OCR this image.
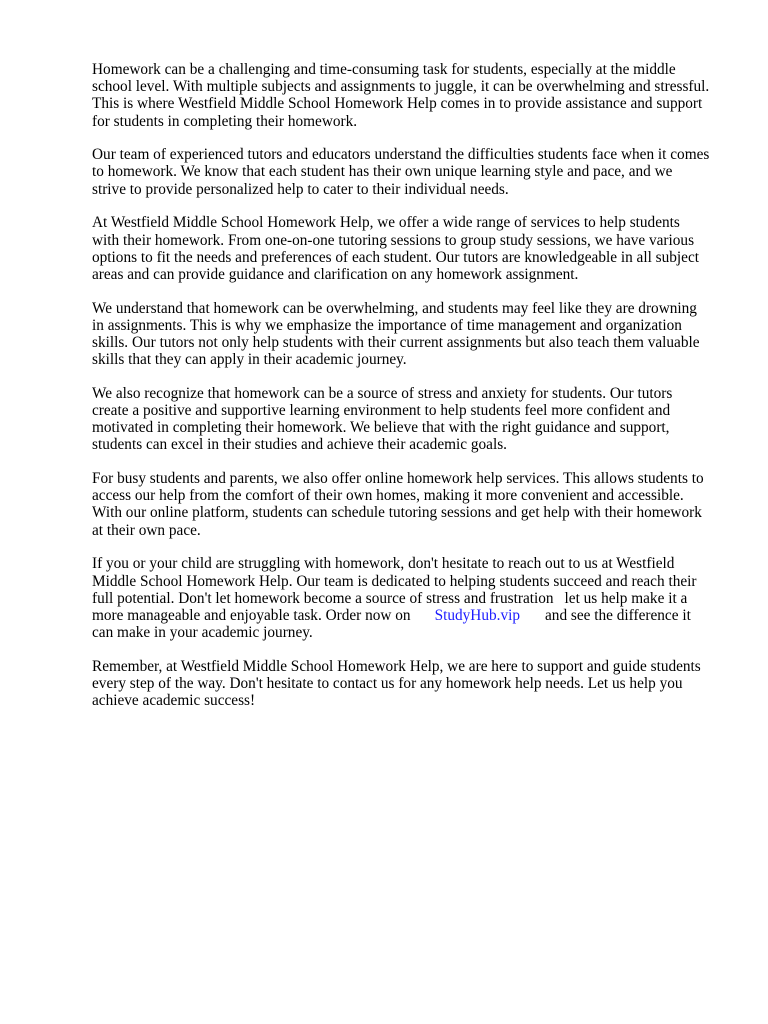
Homework can be a challenging and time-consuming task for students, especially at the middle
school level. With multiple subjects and assignments to juggle, it can be overwhelming and stressful.
This is where Westfield Middle School Homework Help comes in to provide assistance and support
for students in completing their homework.

Our team of experienced tutors and educators understand the difficulties students face when it comes
to homework. We know that each student has their own unique learning style and pace, and we
strive to provide personalized help to cater to their individual needs.

At Westfield Middle School Homework Help, we offer a wide range of services to help students
with their homework. From one-on-one tutoring sessions to group study sessions, we have various
options to fit the needs and preferences of each student. Our tutors are knowledgeable in all subject
areas and can provide guidance and clarification on any homework assignment.

We understand that homework can be overwhelming, and students may feel like they are drowning
in assignments. This is why we emphasize the importance of time management and organization
skills. Our tutors not only help students with their current assignments but also teach them valuable
skills that they can apply in their academic journey.

We also recognize that homework can be a source of stress and anxiety for students. Our tutors
create a positive and supportive learning environment to help students feel more confident and
motivated in completing their homework. We believe that with the right guidance and support,
students can excel in their studies and achieve their academic goals.

For busy students and parents, we also offer online homework help services. This allows students to
access our help from the comfort of their own homes, making it more convenient and accessible.
With our online platform, students can schedule tutoring sessions and get help with their homework
at their own pace.

If you or your child are struggling with homework, don't hesitate to reach out to us at Westfield
Middle School Homework Help. Our team is dedicated to helping students succeed and reach their
full potential. Don't let homework become a source of stress and frustration let us help make it a
more manageable and enjoyable task. Order now on StudyHub.vip and see the difference it
can make in your academic journey.

Remember, at Westfield Middle School Homework Help, we are here to support and guide students
every step of the way. Don't hesitate to contact us for any homework help needs. Let us help you
achieve academic success!
